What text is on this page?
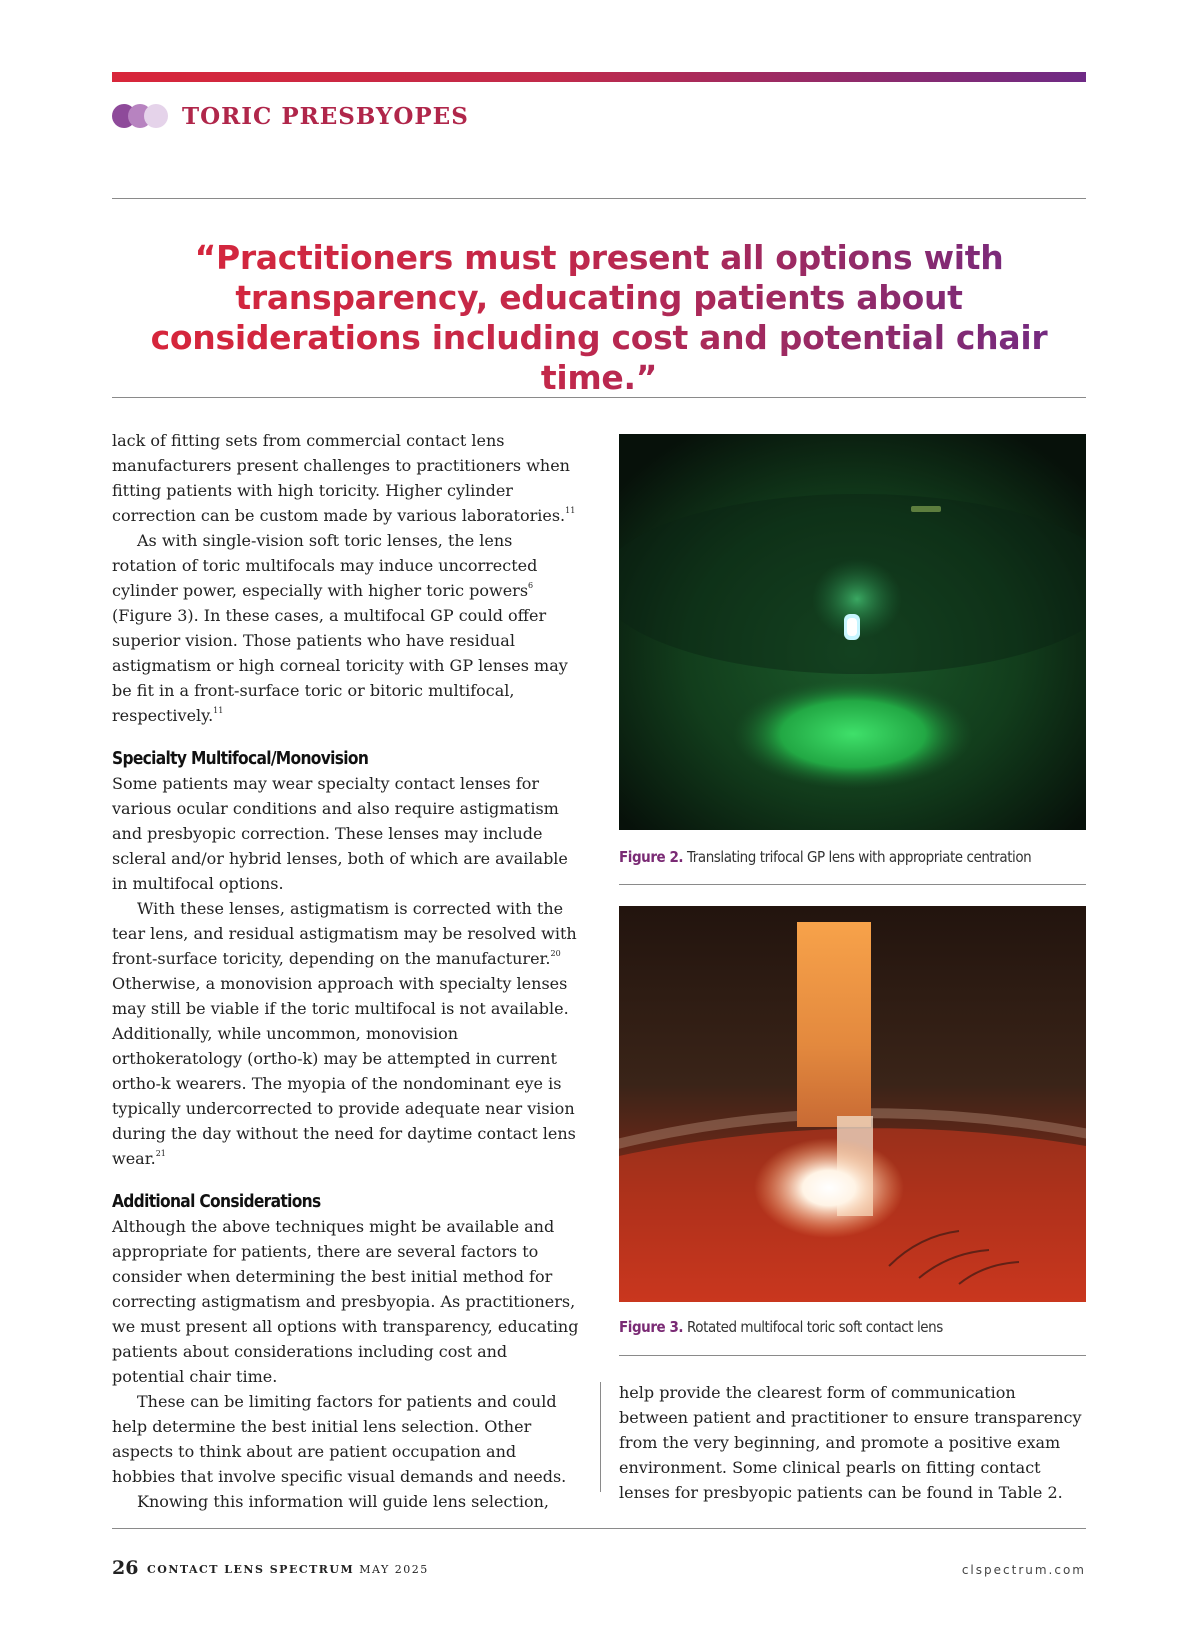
TORIC PRESBYOPES
“Practitioners must present all options with transparency, educating patients about considerations including cost and potential chair time.”

lack of fitting sets from commercial contact lens manufacturers present challenges to practitioners when fitting patients with high toricity. Higher cylinder correction can be custom made by various laboratories.$^{11}$

As with single-vision soft toric lenses, the lens rotation of toric multifocals may induce uncorrected cylinder power, especially with higher toric powers$^6$ (Figure 3). In these cases, a multifocal GP could offer superior vision. Those patients who have residual astigmatism or high corneal toricity with GP lenses may be fit in a front-surface toric or bitoric multifocal, respectively.$^{11}$

Specialty Multifocal/Monovision

Some patients may wear specialty contact lenses for various ocular conditions and also require astigmatism and presbyopic correction. These lenses may include scleral and/or hybrid lenses, both of which are available in multifocal options.

With these lenses, astigmatism is corrected with the tear lens, and residual astigmatism may be resolved with front-surface toricity, depending on the manufacturer.$^{20}$ Otherwise, a monovision approach with specialty lenses may still be viable if the toric multifocal is not available. Additionally, while uncommon, monovision orthokeratology (ortho-k) may be attempted in current ortho-k wearers. The myopia of the nondominant eye is typically undercorrected to provide adequate near vision during the day without the need for daytime contact lens wear.$^{21}$

Additional Considerations

Although the above techniques might be available and appropriate for patients, there are several factors to consider when determining the best initial method for correcting astigmatism and presbyopia. As practitioners, we must present all options with transparency, educating patients about considerations including cost and potential chair time.

These can be limiting factors for patients and could help determine the best initial lens selection. Other aspects to think about are patient occupation and hobbies that involve specific visual demands and needs.

Knowing this information will guide lens selection,

Figure 2. Translating trifocal GP lens with appropriate centration
Figure 3. Rotated multifocal toric soft contact lens

help provide the clearest form of communication between patient and practitioner to ensure transparency from the very beginning, and promote a positive exam environment. Some clinical pearls on fitting contact lenses for presbyopic patients can be found in Table 2.

26 CONTACT LENS SPECTRUM MAY 2025	clspectrum.com
